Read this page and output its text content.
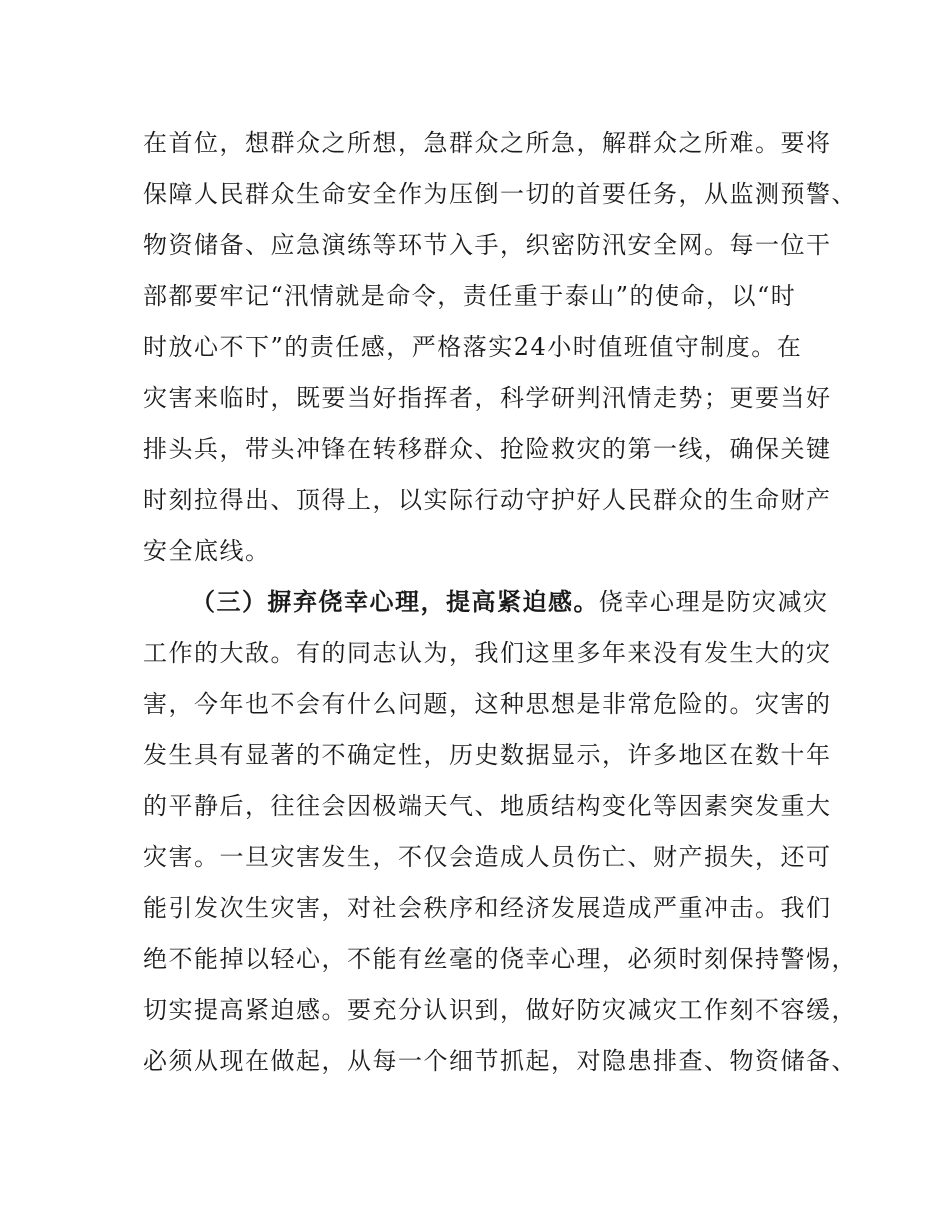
在首位，想群众之所想，急群众之所急，解群众之所难。要将
保障人民群众生命安全作为压倒一切的首要任务，从监测预警、
物资储备、应急演练等环节入手，织密防汛安全网。每一位干
部都要牢记“汛情就是命令，责任重于泰山”的使命，以“时
时放心不下”的责任感，严格落实24小时值班值守制度。在
灾害来临时，既要当好指挥者，科学研判汛情走势；更要当好
排头兵，带头冲锋在转移群众、抢险救灾的第一线，确保关键
时刻拉得出、顶得上，以实际行动守护好人民群众的生命财产
安全底线。
（三）摒弃侥幸心理，提高紧迫感。侥幸心理是防灾减灾
工作的大敌。有的同志认为，我们这里多年来没有发生大的灾
害，今年也不会有什么问题，这种思想是非常危险的。灾害的
发生具有显著的不确定性，历史数据显示，许多地区在数十年
的平静后，往往会因极端天气、地质结构变化等因素突发重大
灾害。一旦灾害发生，不仅会造成人员伤亡、财产损失，还可
能引发次生灾害，对社会秩序和经济发展造成严重冲击。我们
绝不能掉以轻心，不能有丝毫的侥幸心理，必须时刻保持警惕，
切实提高紧迫感。要充分认识到，做好防灾减灾工作刻不容缓，
必须从现在做起，从每一个细节抓起，对隐患排查、物资储备、
